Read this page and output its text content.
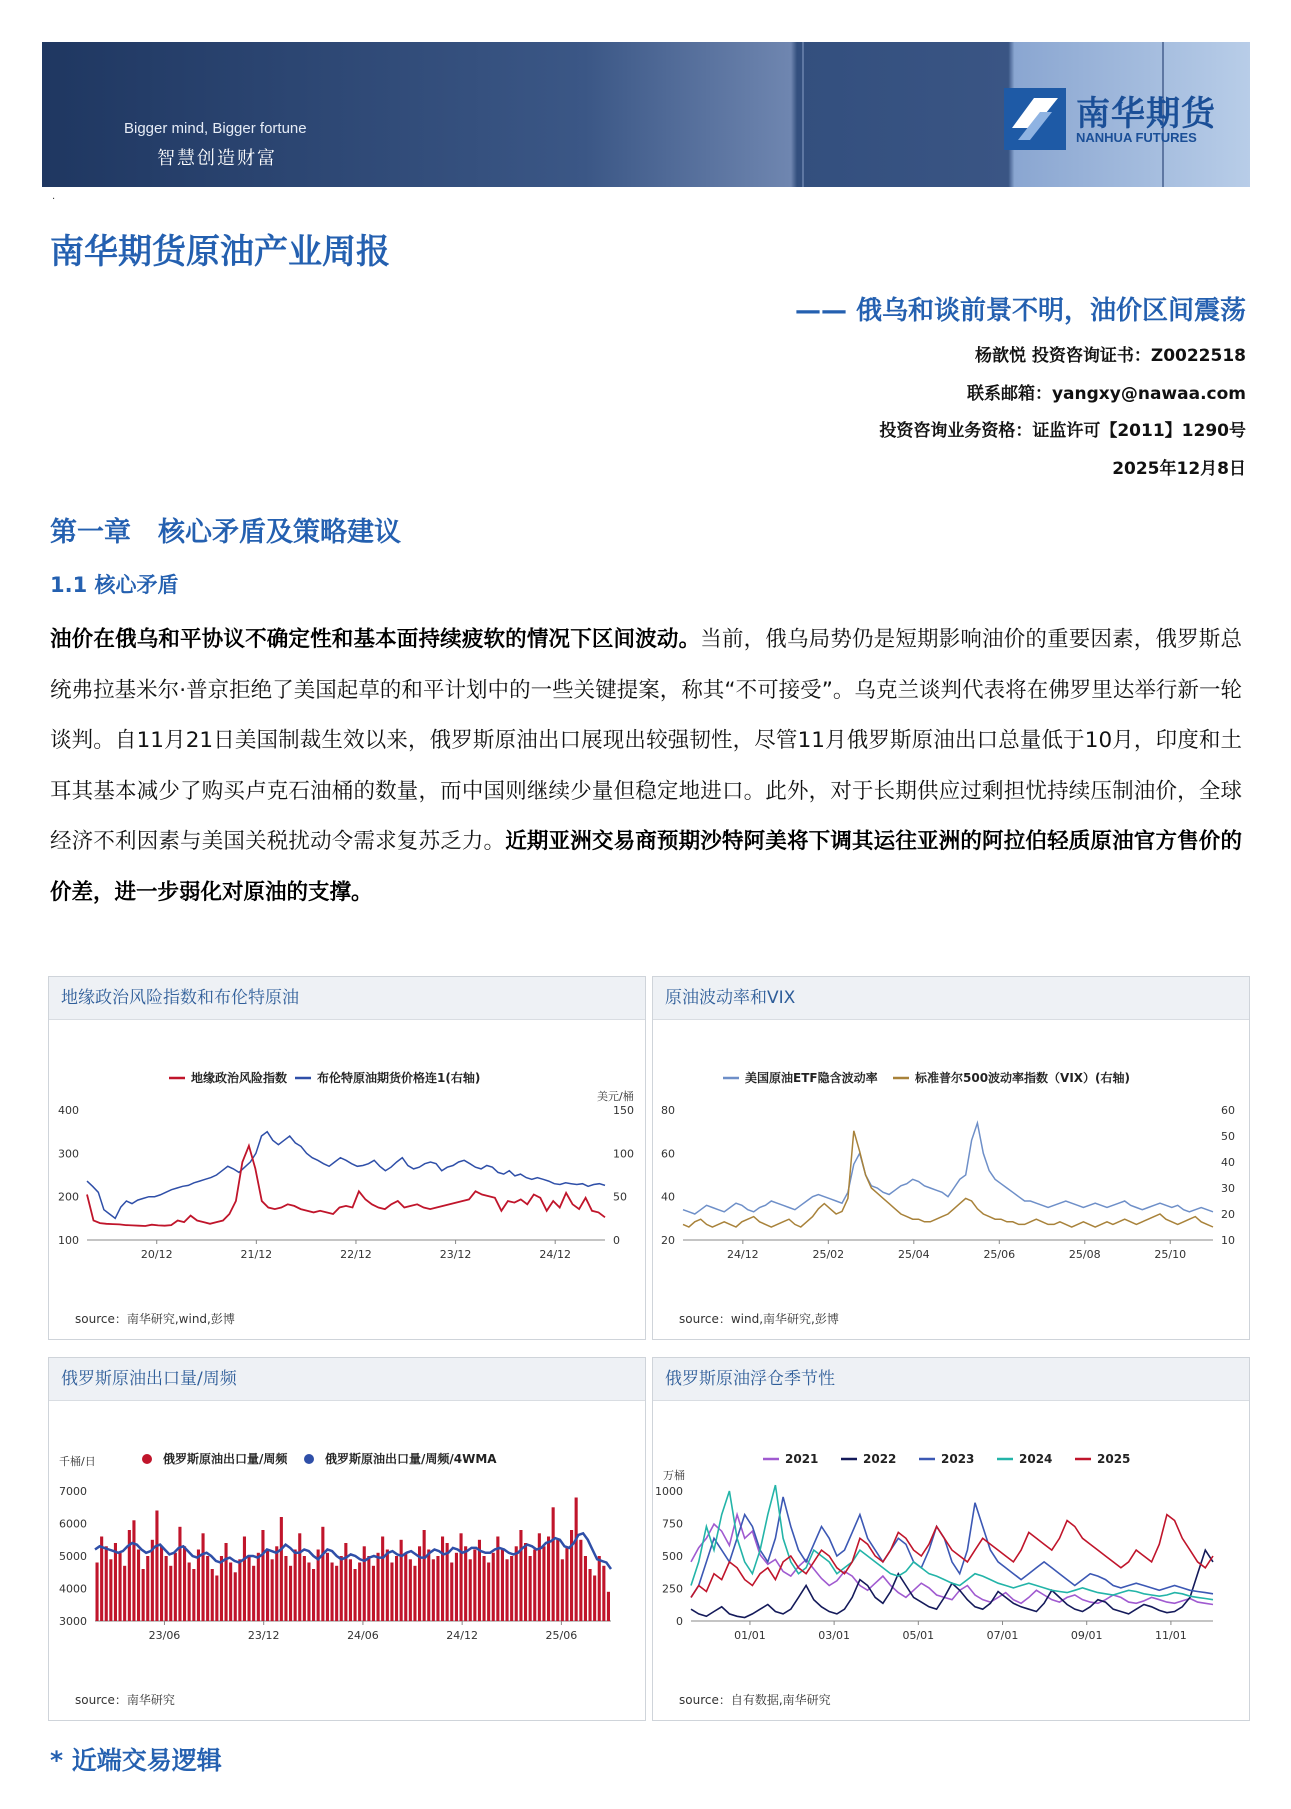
Bigger mind, Bigger fortune
智慧创造财富
南华期货
NANHUA FUTURES
·
南华期货原油产业周报
—— 俄乌和谈前景不明，油价区间震荡
杨歆悦 投资咨询证书：Z0022518
联系邮箱：yangxy@nawaa.com
投资咨询业务资格：证监许可【2011】1290号
2025年12月8日
第一章　核心矛盾及策略建议
1.1 核心矛盾
油价在俄乌和平协议不确定性和基本面持续疲软的情况下区间波动。当前，俄乌局势仍是短期影响油价的重要因素，俄罗斯总统弗拉基米尔·普京拒绝了美国起草的和平计划中的一些关键提案，称其“不可接受”。乌克兰谈判代表将在佛罗里达举行新一轮谈判。自11月21日美国制裁生效以来，俄罗斯原油出口展现出较强韧性，尽管11月俄罗斯原油出口总量低于10月，印度和土耳其基本减少了购买卢克石油桶的数量，而中国则继续少量但稳定地进口。此外，对于长期供应过剩担忧持续压制油价，全球经济不利因素与美国关税扰动令需求复苏乏力。近期亚洲交易商预期沙特阿美将下调其运往亚洲的阿拉伯轻质原油官方售价的价差，进一步弱化对原油的支撑。
地缘政治风险指数和布伦特原油
20/12	21/12	22/12	23/12	24/12
400
300
200
100
150
100
50
0
美元/桶
地缘政治风险指数 布伦特原油期货价格连1(右轴)
source：南华研究,wind,彭博
原油波动率和VIX
24/12	25/02	25/04	25/06	25/08	25/10
80
60
40
20
60
50
40
30
20
10
美国原油ETF隐含波动率	标准普尔500波动率指数（VIX）(右轴)
source：wind,南华研究,彭博
俄罗斯原油出口量/周频
23/06	23/12	24/06	24/12	25/06
7000
6000
5000
4000
3000
千桶/日	俄罗斯原油出口量/周频	俄罗斯原油出口量/周频/4WMA
source：南华研究
俄罗斯原油浮仓季节性
01/01	03/01	05/01	07/01	09/01	11/01
1000
750
500
250
0
万桶
2021	2022	2023	2024	2025
source：自有数据,南华研究
* 近端交易逻辑
